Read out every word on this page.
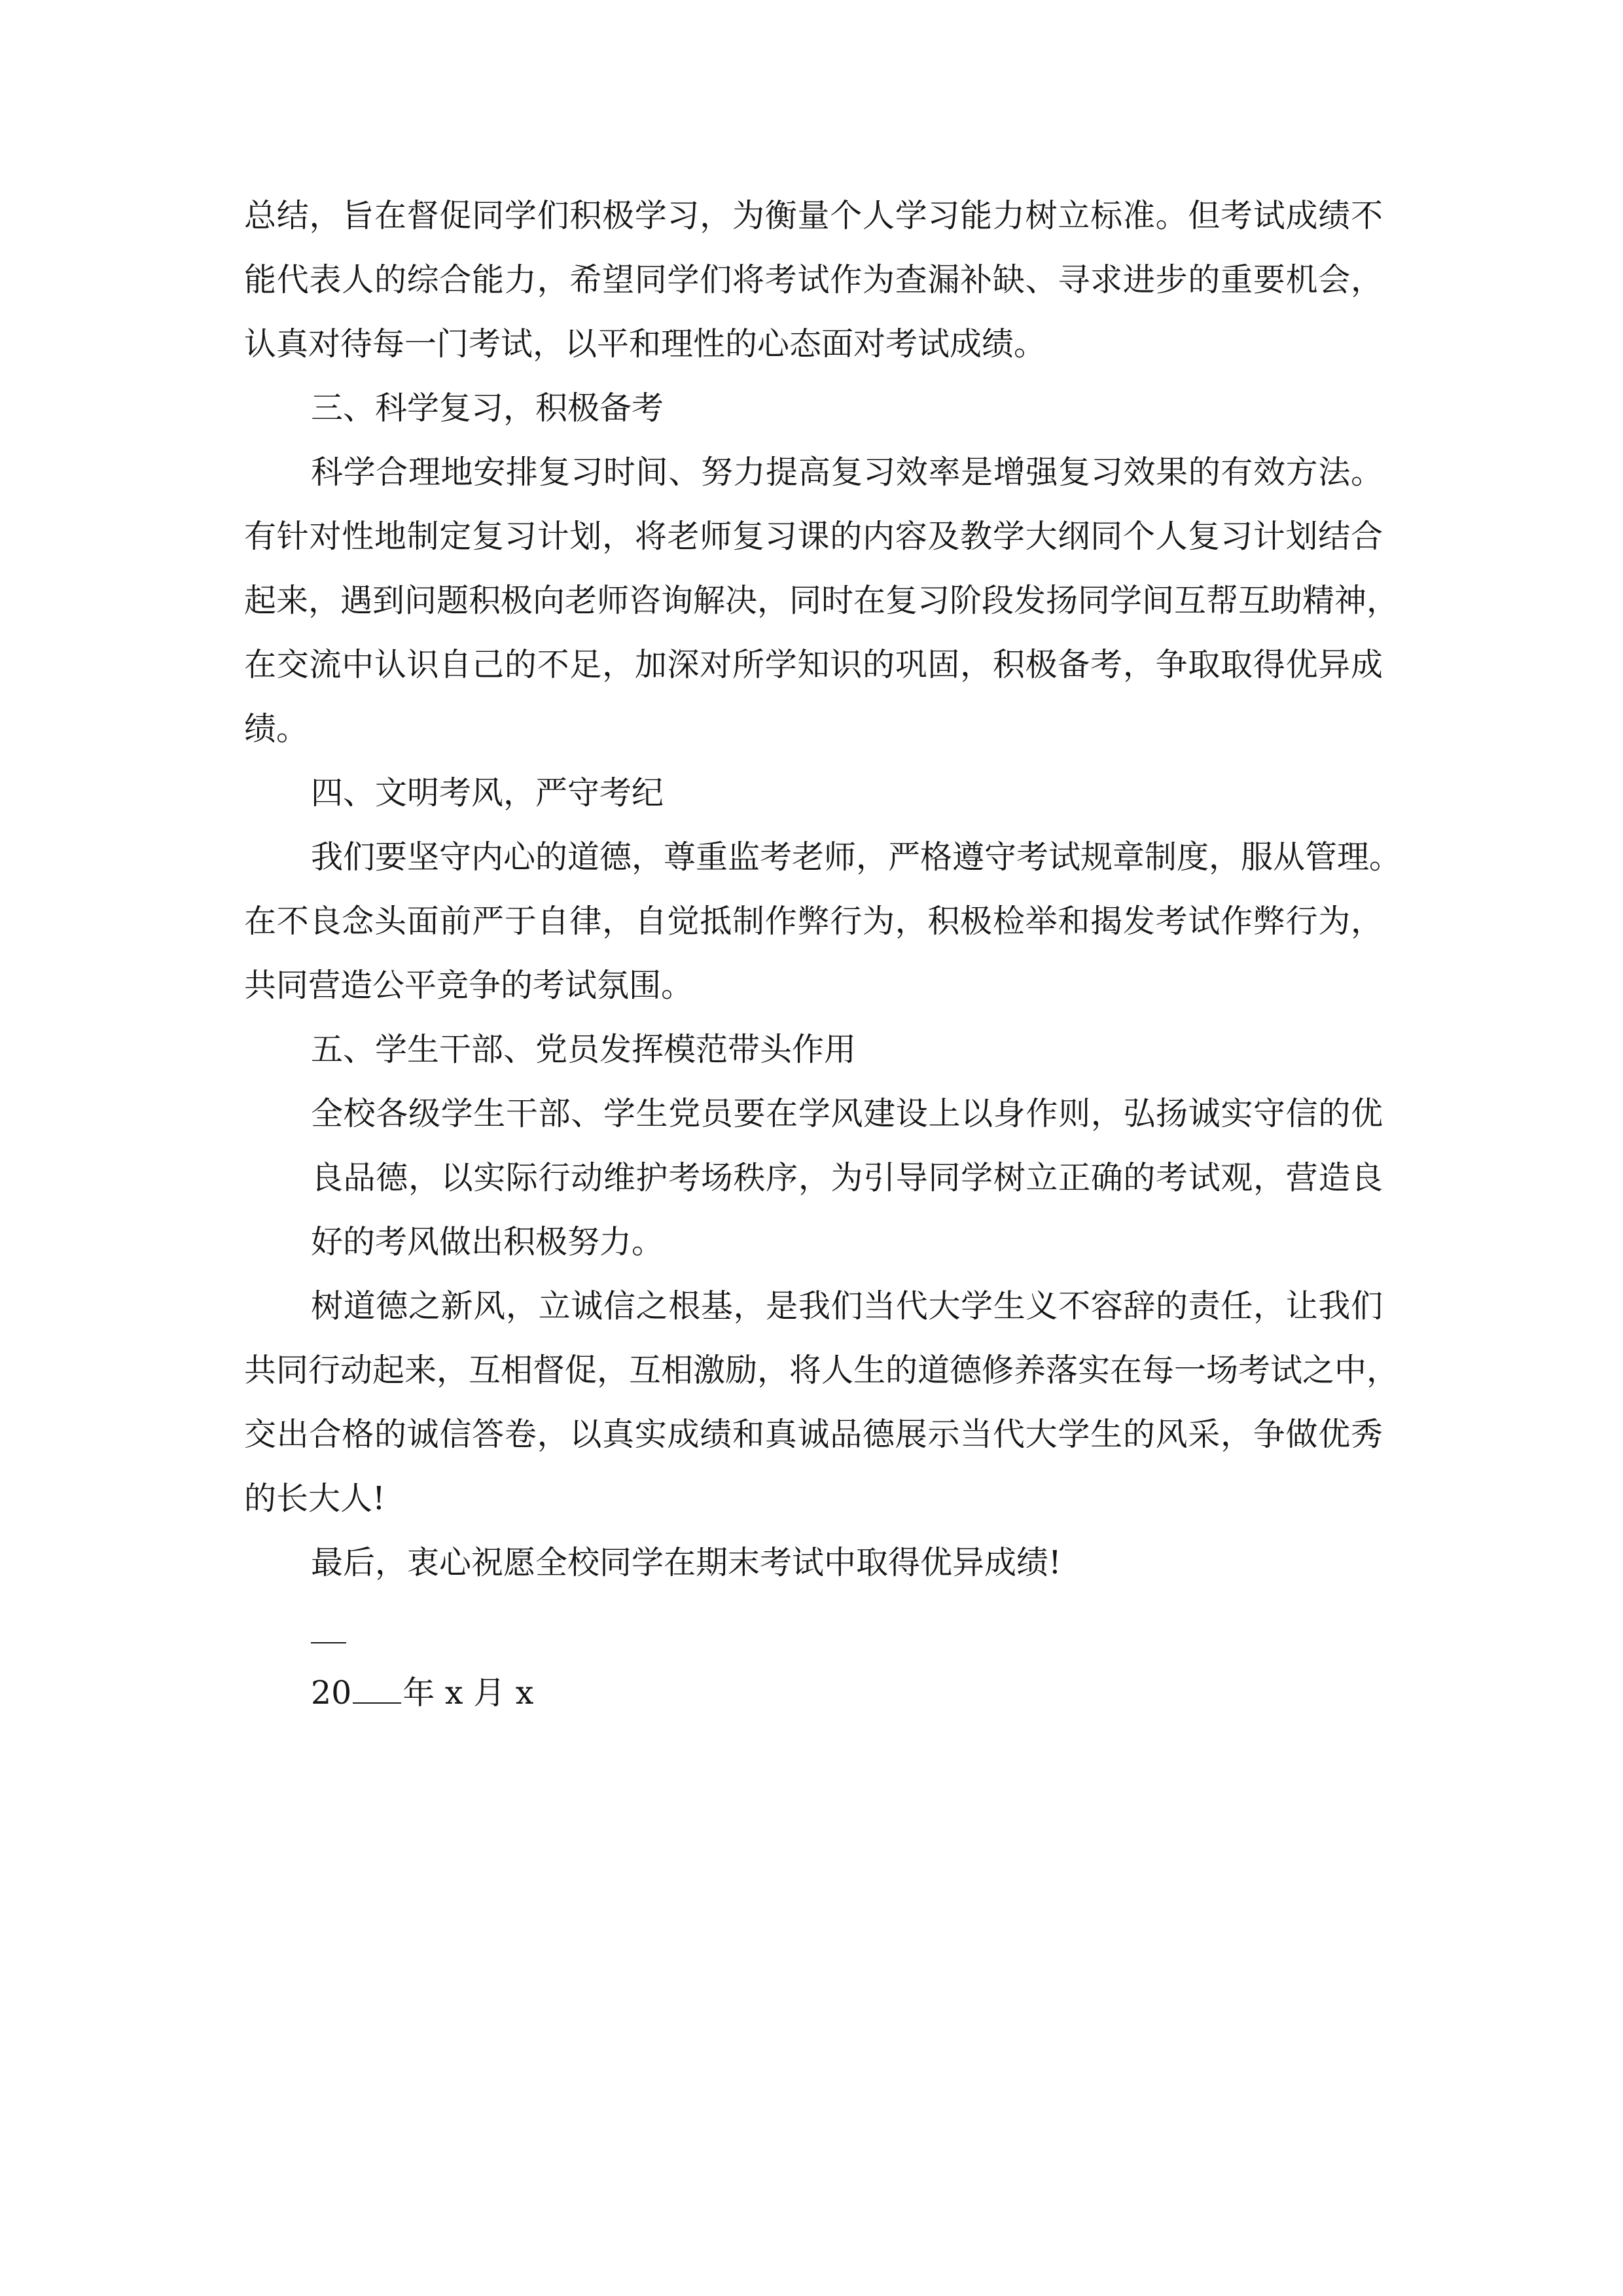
总结，旨在督促同学们积极学习，为衡量个人学习能力树立标准。但考试成绩不
能代表人的综合能力，希望同学们将考试作为查漏补缺、寻求进步的重要机会，
认真对待每一门考试，以平和理性的心态面对考试成绩。
三、科学复习，积极备考
科学合理地安排复习时间、努力提高复习效率是增强复习效果的有效方法。
有针对性地制定复习计划，将老师复习课的内容及教学大纲同个人复习计划结合
起来，遇到问题积极向老师咨询解决，同时在复习阶段发扬同学间互帮互助精神，
在交流中认识自己的不足，加深对所学知识的巩固，积极备考，争取取得优异成
绩。
四、文明考风，严守考纪
我们要坚守内心的道德，尊重监考老师，严格遵守考试规章制度，服从管理。
在不良念头面前严于自律，自觉抵制作弊行为，积极检举和揭发考试作弊行为，
共同营造公平竞争的考试氛围。
五、学生干部、党员发挥模范带头作用
全校各级学生干部、学生党员要在学风建设上以身作则，弘扬诚实守信的优
良品德，以实际行动维护考场秩序，为引导同学树立正确的考试观，营造良
好的考风做出积极努力。
树道德之新风，立诚信之根基，是我们当代大学生义不容辞的责任，让我们
共同行动起来，互相督促，互相激励，将人生的道德修养落实在每一场考试之中，
交出合格的诚信答卷，以真实成绩和真诚品德展示当代大学生的风采，争做优秀
的长大人!
最后，衷心祝愿全校同学在期末考试中取得优异成绩!
20 年 x 月 x
